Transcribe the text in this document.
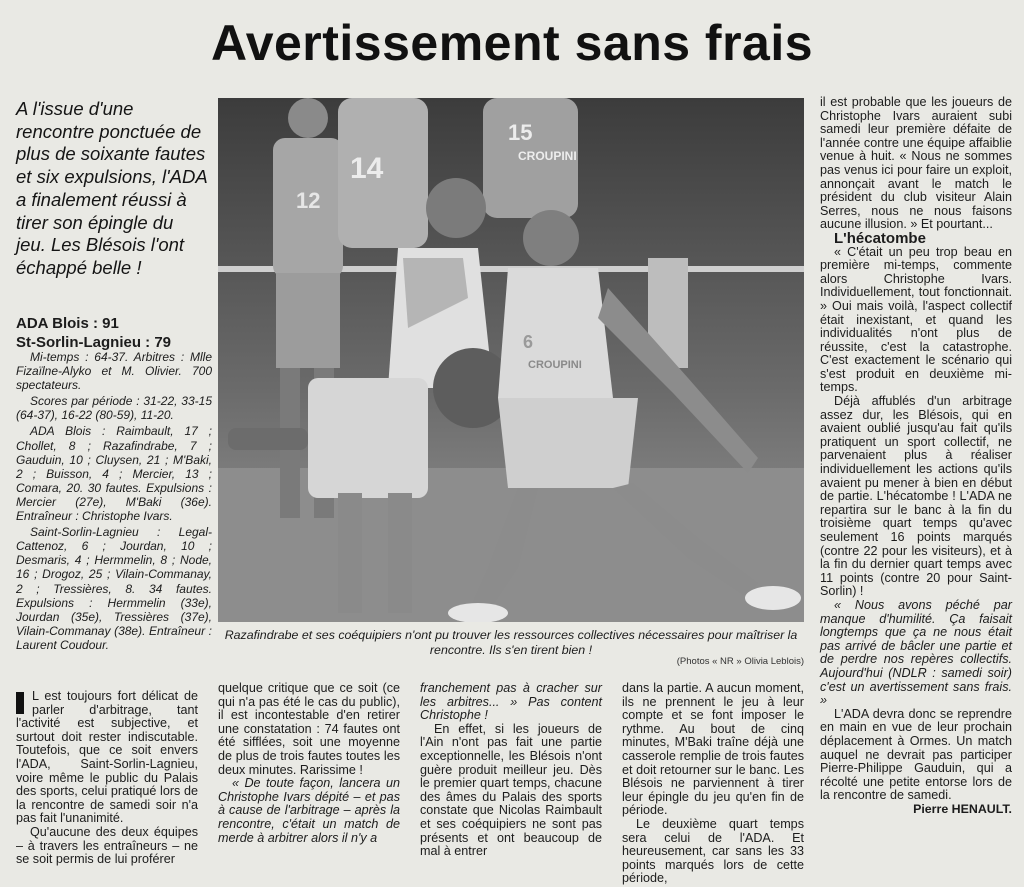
Avertissement sans frais

A l'issue d'une rencontre ponctuée de plus de soixante fautes et six expulsions, l'ADA a finalement réussi à tirer son épingle du jeu. Les Blésois l'ont échappé belle !

ADA Blois : 91
St-Sorlin-Lagnieu : 79

Mi-temps : 64-37. Arbitres : Mlle Fizaïlne-Alyko et M. Olivier. 700 spectateurs.

Scores par période : 31-22, 33-15 (64-37), 16-22 (80-59), 11-20.

ADA Blois : Raimbault, 17 ; Chollet, 8 ; Razafindrabe, 7 ; Gauduin, 10 ; Cluysen, 21 ; M'Baki, 2 ; Buisson, 4 ; Mercier, 13 ; Comara, 20. 30 fautes. Expulsions : Mercier (27e), M'Baki (36e). Entraîneur : Christophe Ivars.

Saint-Sorlin-Lagnieu : Legal-Cattenoz, 6 ; Jourdan, 10 ; Desmaris, 4 ; Hermmelin, 8 ; Node, 16 ; Drogoz, 25 ; Vilain-Commanay, 2 ; Tressières, 8. 34 fautes. Expulsions : Hermmelin (33e), Jourdan (35e), Tressières (37e), Vilain-Commanay (38e). Entraîneur : Laurent Coudour.

12
14
15
CROUPINI
6
CROUPINI
Razafindrabe et ses coéquipiers n'ont pu trouver les ressources collectives nécessaires pour maîtriser la rencontre. Ils s'en tirent bien !
(Photos « NR » Olivia Leblois)

L est toujours fort délicat de parler d'arbitrage, tant l'activité est subjective, et surtout doit rester indiscutable. Toutefois, que ce soit envers l'ADA, Saint-Sorlin-Lagnieu, voire même le public du Palais des sports, celui pratiqué lors de la rencontre de samedi soir n'a pas fait l'unanimité.

Qu'aucune des deux équipes – à travers les entraîneurs – ne se soit permis de lui proférer

quelque critique que ce soit (ce qui n'a pas été le cas du public), il est incontestable d'en retirer une constatation : 74 fautes ont été sifflées, soit une moyenne de plus de trois fautes toutes les deux minutes. Rarissime !

« De toute façon, lancera un Christophe Ivars dépité – et pas à cause de l'arbitrage – après la rencontre, c'était un match de merde à arbitrer alors il n'y a

franchement pas à cracher sur les arbitres... » Pas content Christophe !

En effet, si les joueurs de l'Ain n'ont pas fait une partie exceptionnelle, les Blésois n'ont guère produit meilleur jeu. Dès le premier quart temps, chacune des âmes du Palais des sports constate que Nicolas Raimbault et ses coéquipiers ne sont pas présents et ont beaucoup de mal à entrer

dans la partie. A aucun moment, ils ne prennent le jeu à leur compte et se font imposer le rythme. Au bout de cinq minutes, M'Baki traîne déjà une casserole remplie de trois fautes et doit retourner sur le banc. Les Blésois ne parviennent à tirer leur épingle du jeu qu'en fin de période.

Le deuxième quart temps sera celui de l'ADA. Et heureusement, car sans les 33 points marqués lors de cette période,

il est probable que les joueurs de Christophe Ivars auraient subi samedi leur première défaite de l'année contre une équipe affaiblie venue à huit. « Nous ne sommes pas venus ici pour faire un exploit, annonçait avant le match le président du club visiteur Alain Serres, nous ne nous faisons aucune illusion. » Et pourtant...

L'hécatombe

« C'était un peu trop beau en première mi-temps, commente alors Christophe Ivars. Individuellement, tout fonctionnait. » Oui mais voilà, l'aspect collectif était inexistant, et quand les individualités n'ont plus de réussite, c'est la catastrophe. C'est exactement le scénario qui s'est produit en deuxième mi-temps.

Déjà affublés d'un arbitrage assez dur, les Blésois, qui en avaient oublié jusqu'au fait qu'ils pratiquent un sport collectif, ne parvenaient plus à réaliser individuellement les actions qu'ils avaient pu mener à bien en début de partie. L'hécatombe ! L'ADA ne repartira sur le banc à la fin du troisième quart temps qu'avec seulement 16 points marqués (contre 22 pour les visiteurs), et à la fin du dernier quart temps avec 11 points (contre 20 pour Saint-Sorlin) !

« Nous avons péché par manque d'humilité. Ça faisait longtemps que ça ne nous était pas arrivé de bâcler une partie et de perdre nos repères collectifs. Aujourd'hui (NDLR : samedi soir) c'est un avertissement sans frais. »

L'ADA devra donc se reprendre en main en vue de leur prochain déplacement à Ormes. Un match auquel ne devrait pas participer Pierre-Philippe Gauduin, qui a récolté une petite entorse lors de la rencontre de samedi.

Pierre HENAULT.
